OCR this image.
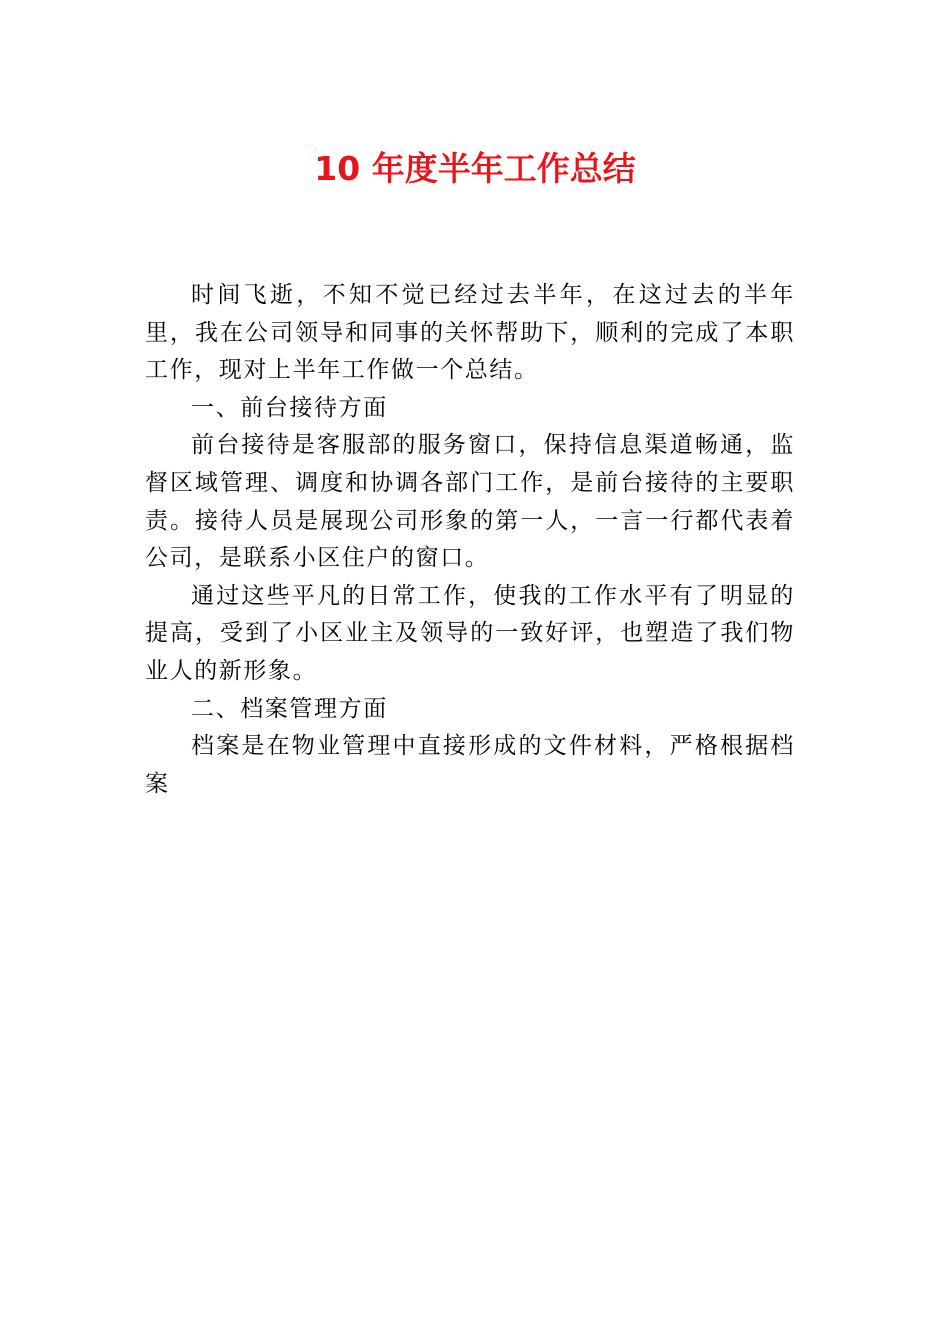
10 年度半年工作总结

时间飞逝，不知不觉已经过去半年，在这过去的半年里，我在公司领导和同事的关怀帮助下，顺利的完成了本职工作，现对上半年工作做一个总结。

一、前台接待方面

前台接待是客服部的服务窗口，保持信息渠道畅通，监督区域管理、调度和协调各部门工作，是前台接待的主要职责。接待人员是展现公司形象的第一人，一言一行都代表着公司，是联系小区住户的窗口。

通过这些平凡的日常工作，使我的工作水平有了明显的提高，受到了小区业主及领导的一致好评，也塑造了我们物业人的新形象。

二、档案管理方面

档案是在物业管理中直接形成的文件材料，严格根据档案
